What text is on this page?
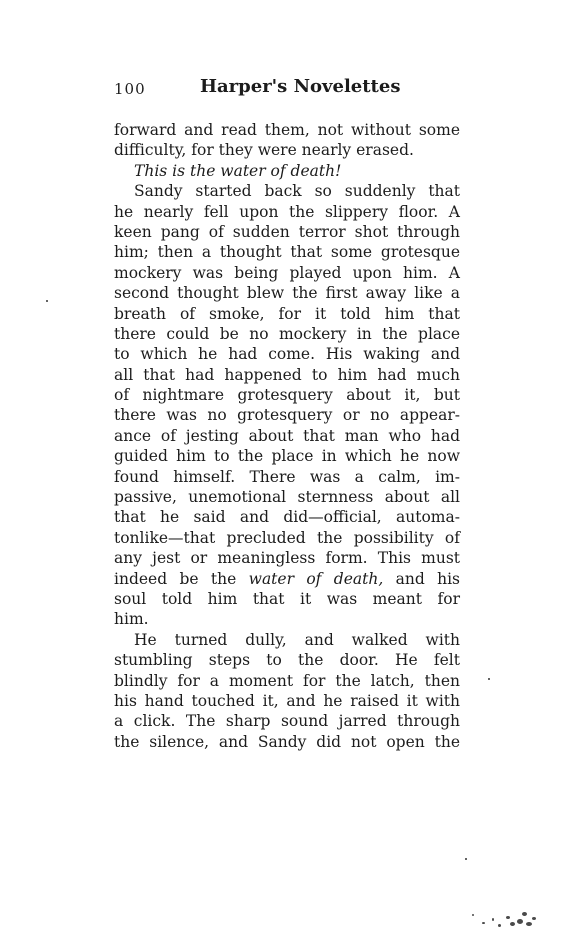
100	Harper's Novelettes
forward and read them, not without some
difficulty, for they were nearly erased.
This is the water of death!
Sandy started back so suddenly that
he nearly fell upon the slippery floor. A
keen pang of sudden terror shot through
him; then a thought that some grotesque
mockery was being played upon him. A
second thought blew the first away like a
breath of smoke, for it told him that
there could be no mockery in the place
to which he had come. His waking and
all that had happened to him had much
of nightmare grotesquery about it, but
there was no grotesquery or no appear-
ance of jesting about that man who had
guided him to the place in which he now
found himself. There was a calm, im-
passive, unemotional sternness about all
that he said and did—official, automa-
tonlike—that precluded the possibility of
any jest or meaningless form. This must
indeed be the water of death, and his
soul told him that it was meant for
him.
He turned dully, and walked with
stumbling steps to the door. He felt
blindly for a moment for the latch, then
his hand touched it, and he raised it with
a click. The sharp sound jarred through
the silence, and Sandy did not open the
